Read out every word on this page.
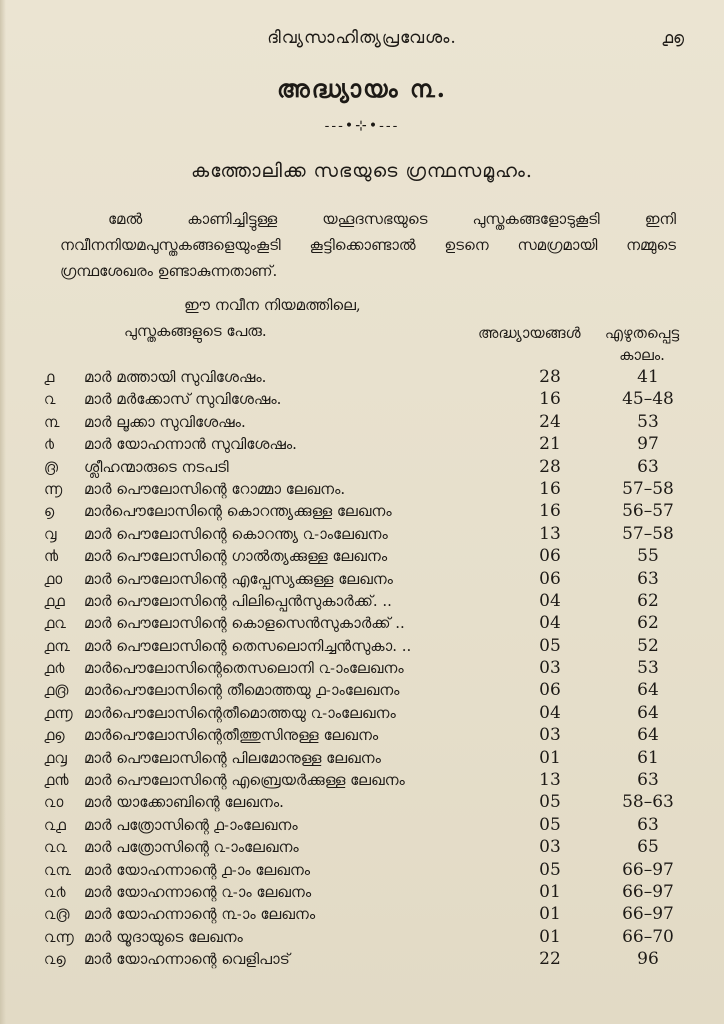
ദിവ്യസാഹിത്യപ്രവേശം.	൧൭
അദ്ധ്യായം ൩.
---•⊹•---
കത്തോലിക്ക സഭയുടെ ഗ്രന്ഥസമൂഹം.
മേൽ കാണിച്ചിട്ടുള്ള യഹൂദസഭയുടെ പുസ്തകങ്ങളോടുകൂടി ഇനി നവീനനിയമപുസ്തകങ്ങളെയുംകൂടി കൂട്ടിക്കൊണ്ടാൽ ഉടനെ സമഗ്രമായി നമ്മുടെ ഗ്രന്ഥശേഖരം ഉണ്ടാകുന്നതാണ്.
ഈ നവീന നിയമത്തിലെ,
പുസ്തകങ്ങളുടെ പേരു.	അദ്ധ്യായങ്ങൾ	എഴുതപ്പെട്ട കാലം.
൧	മാർ മത്തായി സുവിശേഷം.	28	41
൨	മാർ മർക്കോസ് സുവിശേഷം.	16	45–48
൩	മാർ ലൂക്കാ സുവിശേഷം.	24	53
൪	മാർ യോഹന്നാൻ സുവിശേഷം.	21	97
൫	ശ്ലീഹന്മാരുടെ നടപടി	28	63
൬	മാർ പൌലോസിന്റെ റോമ്മാ ലേഖനം.	16	57–58
൭	മാർപൌലോസിന്റെ കൊറന്ത്യക്കുള്ള ലേഖനം	16	56–57
൮	മാർ പൌലോസിന്റെ കൊറന്ത്യ ൨-ാംലേഖനം	13	57–58
൯	മാർ പൌലോസിന്റെ ഗാൽത്യക്കുള്ള ലേഖനം	06	55
൧൦	മാർ പൌലോസിന്റെ എപ്പേസ്യക്കുള്ള ലേഖനം	06	63
൧൧	മാർ പൌലോസിന്റെ പിലിപ്പെൻസുകാർക്ക്. ..	04	62
൧൨	മാർ പൌലോസിന്റെ കൊളസെൻസുകാർക്ക് ..	04	62
൧൩ മാർ പൌലോസിന്റെ തെസലൊനിച്ചൻസുകാ. ..	05	52
൧൪	മാർപൌലോസിന്റെതെസലൊനി ൨-ാംലേഖനം	03	53
൧൫	മാർപൌലോസിന്റെ തീമൊത്തയു ൧-ാംലേഖനം	06	64
൧൬ മാർപൌലോസിന്റെതീമൊത്തയു ൨-ാംലേഖനം	04	64
൧൭	മാർപൌലോസിന്റെതീത്തുസിനുള്ള ലേഖനം	03	64
൧൮	മാർ പൌലോസിന്റെ പിലമോനുള്ള ലേഖനം	01	61
൧൯	മാർ പൌലോസിന്റെ എബ്രെയർക്കുള്ള ലേഖനം	13	63
൨൦	മാർ യാക്കോബിന്റെ ലേഖനം.	05	58–63
൨൧	മാർ പത്രോസിന്റെ ൧-ാംലേഖനം	05	63
൨൨	മാർ പത്രോസിന്റെ ൨-ാംലേഖനം	03	65
൨൩ മാർ യോഹന്നാന്റെ ൧-ാം ലേഖനം	05	66–97
൨൪	മാർ യോഹന്നാന്റെ ൨-ാം ലേഖനം	01	66–97
൨൫ മാർ യോഹന്നാന്റെ ൩-ാം ലേഖനം	01	66–97
൨൬ മാർ യൂദായുടെ ലേഖനം	01	66–70
൨൭	മാർ യോഹന്നാന്റെ വെളിപാട്	22	96
